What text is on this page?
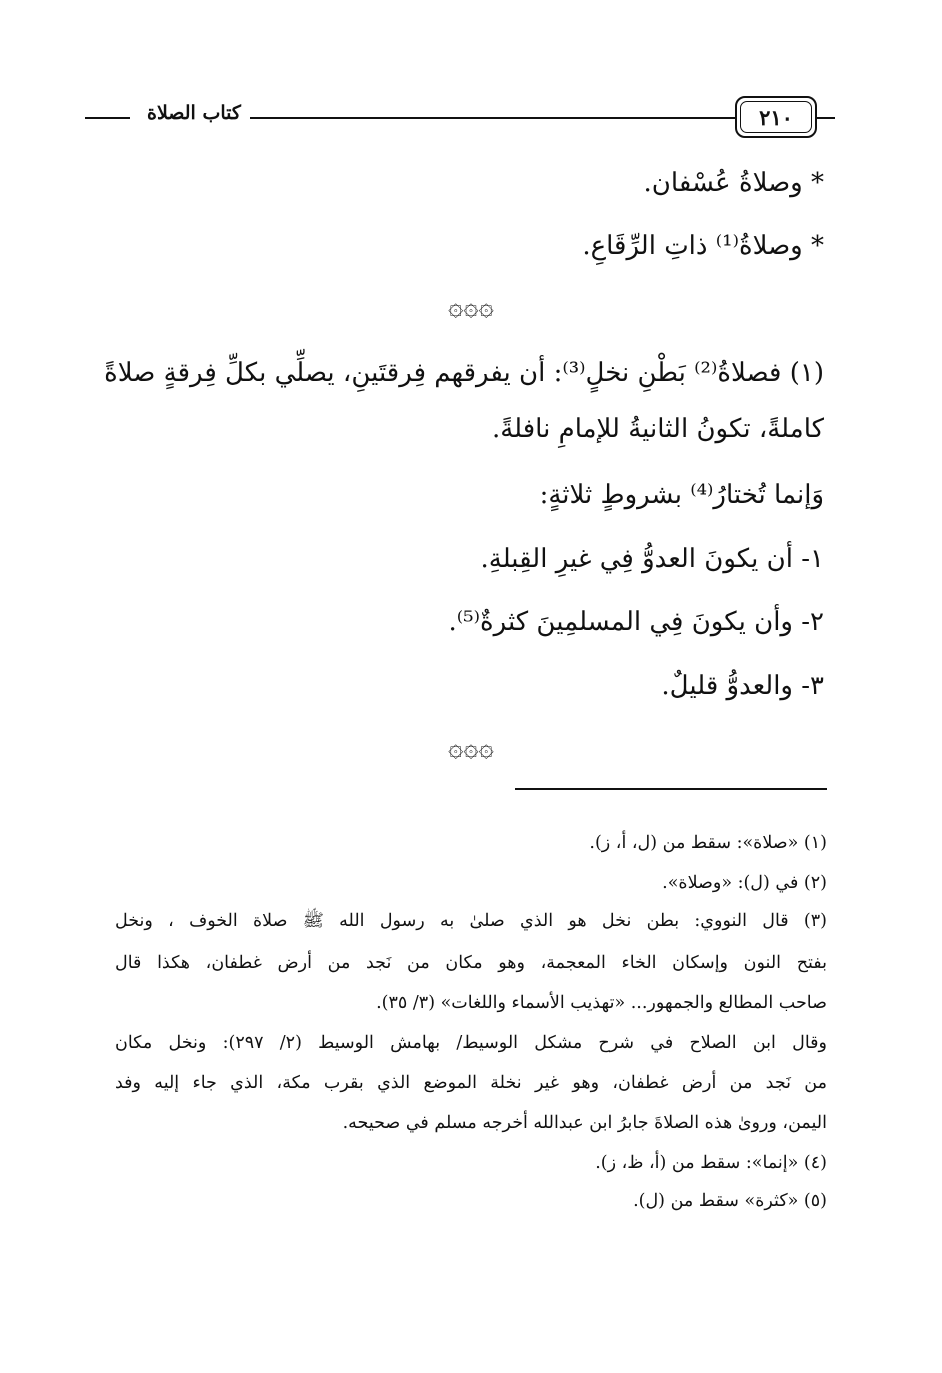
٢١٠
كتاب الصلاة
* وصلاةُ عُسْفان.
* وصلاةُ⁽¹⁾ ذاتِ الرِّقَاعِ.
۞۞۞
(١) فصلاةُ⁽²⁾ بَطْنِ نخلٍ⁽³⁾: أن يفرقهم فِرقتَينِ، يصلِّي بكلِّ فِرقةٍ صلاةً
كاملةً، تكونُ الثانيةُ للإمامِ نافلةً.
وَإنما تُختارُ⁽⁴⁾ بشروطٍ ثلاثةٍ:
١- أن يكونَ العدوُّ فِي غيرِ القِبلةِ.
٢- وأن يكونَ فِي المسلمِينَ كثرةٌ⁽⁵⁾.
٣- والعدوُّ قليلٌ.
۞۞۞
(١) «صلاة»: سقط من (ل، أ، ز).
(٢) في (ل): «وصلاة».
(٣) قال النووي: بطن نخل هو الذي صلىٰ به رسول الله ﷺ صلاة الخوف ، ونخل
بفتح النون وإسكان الخاء المعجمة، وهو مكان من نَجد من أرض غطفان، هكذا قال
صاحب المطالع والجمهور... «تهذيب الأسماء واللغات» (٣/ ٣٥).
وقال ابن الصلاح في شرح مشكل الوسيط/ بهامش الوسيط (٢/ ٢٩٧): ونخل مكان
من نَجد من أرض غطفان، وهو غير نخلة الموضع الذي بقرب مكة، الذي جاء إليه وفد
اليمن، وروىٰ هذه الصلاةَ جابرُ ابن عبدالله أخرجه مسلم في صحيحه.
(٤) «إنما»: سقط من (أ، ظ، ز).
(٥) «كثرة» سقط من (ل).
